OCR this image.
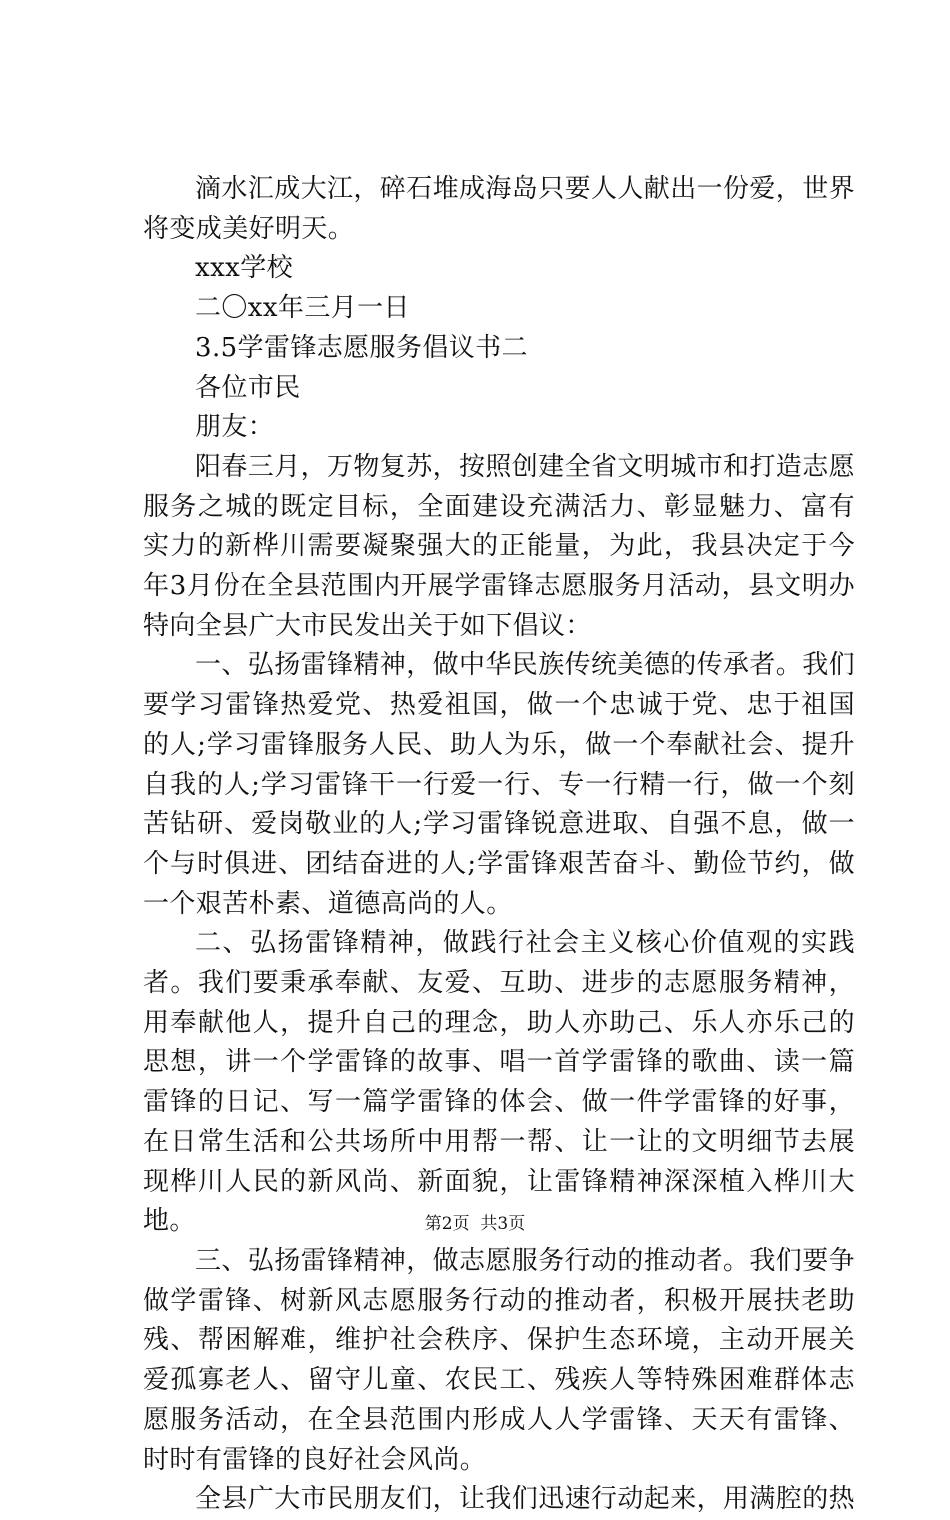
滴水汇成大江，碎石堆成海岛只要人人献出一份爱，世界将变成美好明天。

xxx学校

二〇xx年三月一日

3.5学雷锋志愿服务倡议书二

各位市民

朋友：

阳春三月，万物复苏，按照创建全省文明城市和打造志愿服务之城的既定目标，全面建设充满活力、彰显魅力、富有实力的新桦川需要凝聚强大的正能量，为此，我县决定于今年3月份在全县范围内开展学雷锋志愿服务月活动，县文明办特向全县广大市民发出关于如下倡议：

一、弘扬雷锋精神，做中华民族传统美德的传承者。我们要学习雷锋热爱党、热爱祖国，做一个忠诚于党、忠于祖国的人;学习雷锋服务人民、助人为乐，做一个奉献社会、提升自我的人;学习雷锋干一行爱一行、专一行精一行，做一个刻苦钻研、爱岗敬业的人;学习雷锋锐意进取、自强不息，做一个与时俱进、团结奋进的人;学雷锋艰苦奋斗、勤俭节约，做一个艰苦朴素、道德高尚的人。

二、弘扬雷锋精神，做践行社会主义核心价值观的实践者。我们要秉承奉献、友爱、互助、进步的志愿服务精神，用奉献他人，提升自己的理念，助人亦助己、乐人亦乐己的思想，讲一个学雷锋的故事、唱一首学雷锋的歌曲、读一篇雷锋的日记、写一篇学雷锋的体会、做一件学雷锋的好事，在日常生活和公共场所中用帮一帮、让一让的文明细节去展现桦川人民的新风尚、新面貌，让雷锋精神深深植入桦川大地。

三、弘扬雷锋精神，做志愿服务行动的推动者。我们要争做学雷锋、树新风志愿服务行动的推动者，积极开展扶老助残、帮困解难，维护社会秩序、保护生态环境，主动开展关爱孤寡老人、留守儿童、农民工、残疾人等特殊困难群体志愿服务活动，在全县范围内形成人人学雷锋、天天有雷锋、时时有雷锋的良好社会风尚。

全县广大市民朋友们，让我们迅速行动起来，用满腔的热

第2页  共3页
